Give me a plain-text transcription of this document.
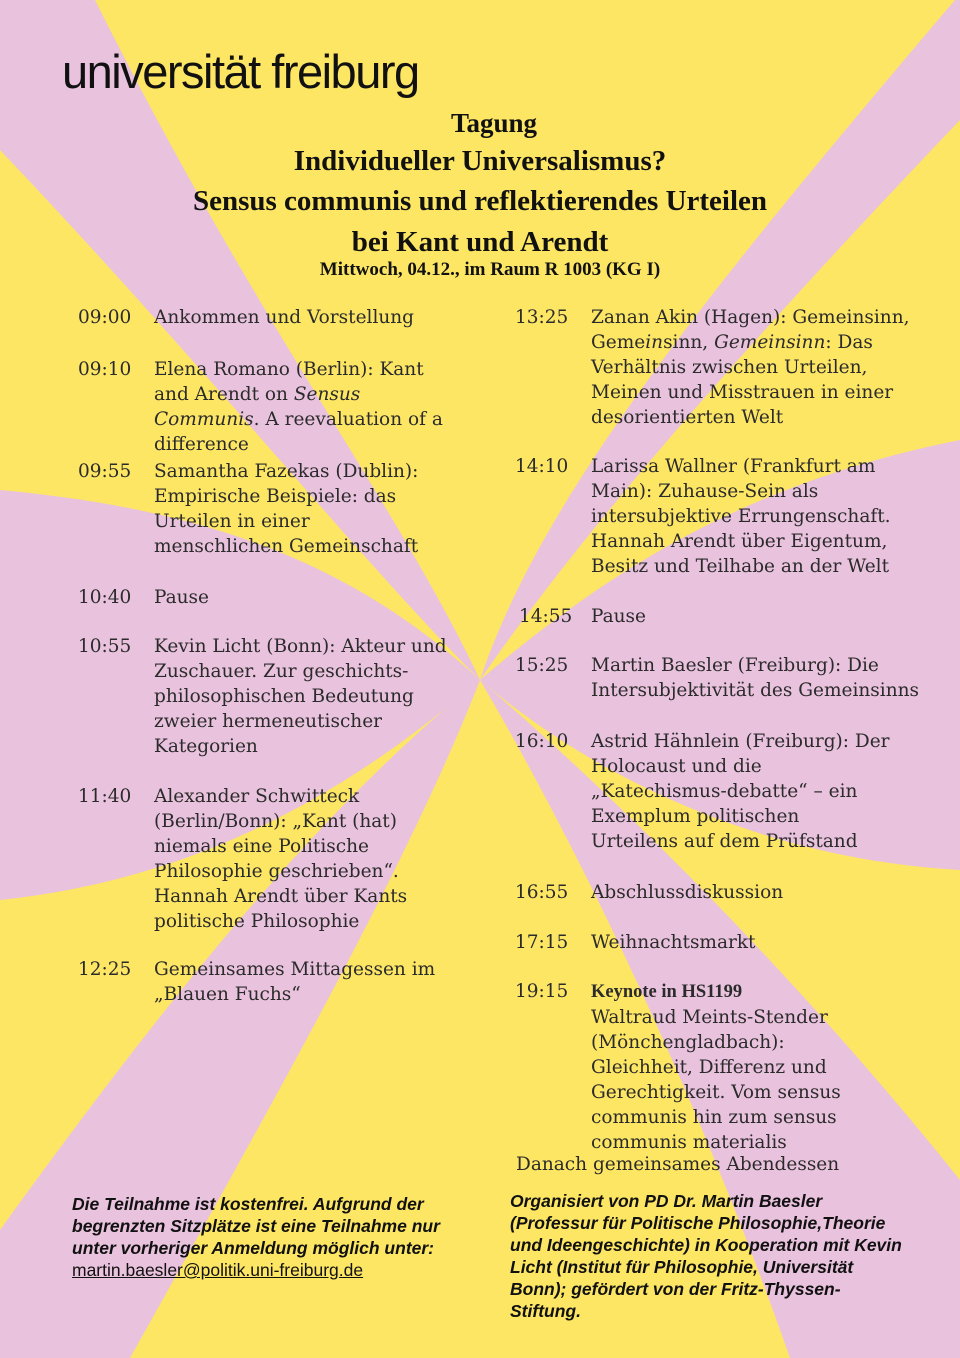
universität freiburg
Tagung
Individueller Universalismus?
Sensus communis und reflektierendes Urteilen
bei Kant und Arendt
Mittwoch, 04.12., im Raum R 1003 (KG I)
09:00	Ankommen und Vorstellung
09:10	Elena Romano (Berlin): Kant and Arendt on Sensus Communis. A reevaluation of a difference
09:55	Samantha Fazekas (Dublin): Empirische Beispiele: das Urteilen in einer menschlichen Gemeinschaft
10:40	Pause
10:55	Kevin Licht (Bonn): Akteur und Zuschauer. Zur geschichts-philosophischen Bedeutung zweier hermeneutischer Kategorien
11:40	Alexander Schwitteck (Berlin/Bonn): „Kant (hat) niemals eine Politische Philosophie geschrieben“. Hannah Arendt über Kants politische Philosophie
12:25	Gemeinsames Mittagessen im „Blauen Fuchs“
13:25	Zanan Akin (Hagen): Gemeinsinn, Gemeinsinn, Gemeinsinn: Das Verhältnis zwischen Urteilen, Meinen und Misstrauen in einer desorientierten Welt
14:10	Larissa Wallner (Frankfurt am Main): Zuhause-Sein als intersubjektive Errungenschaft. Hannah Arendt über Eigentum, Besitz und Teilhabe an der Welt
14:55	Pause
15:25	Martin Baesler (Freiburg): Die Intersubjektivität des Gemeinsinns
16:10	Astrid Hähnlein (Freiburg): Der Holocaust und die „Katechismus-debatte“ – ein Exemplum politischen Urteilens auf dem Prüfstand
16:55	Abschlussdiskussion
17:15	Weihnachtsmarkt
19:15	Keynote in HS1199
Waltraud Meints-Stender (Mönchengladbach): Gleichheit, Differenz und Gerechtigkeit. Vom sensus communis hin zum sensus communis materialis
Danach gemeinsames Abendessen
Die Teilnahme ist kostenfrei. Aufgrund der begrenzten Sitzplätze ist eine Teilnahme nur unter vorheriger Anmeldung möglich unter:
martin.baesler@politik.uni-freiburg.de
Organisiert von PD Dr. Martin Baesler (Professur für Politische Philosophie,Theorie und Ideengeschichte) in Kooperation mit Kevin Licht (Institut für Philosophie, Universität Bonn); gefördert von der Fritz-Thyssen-Stiftung.
